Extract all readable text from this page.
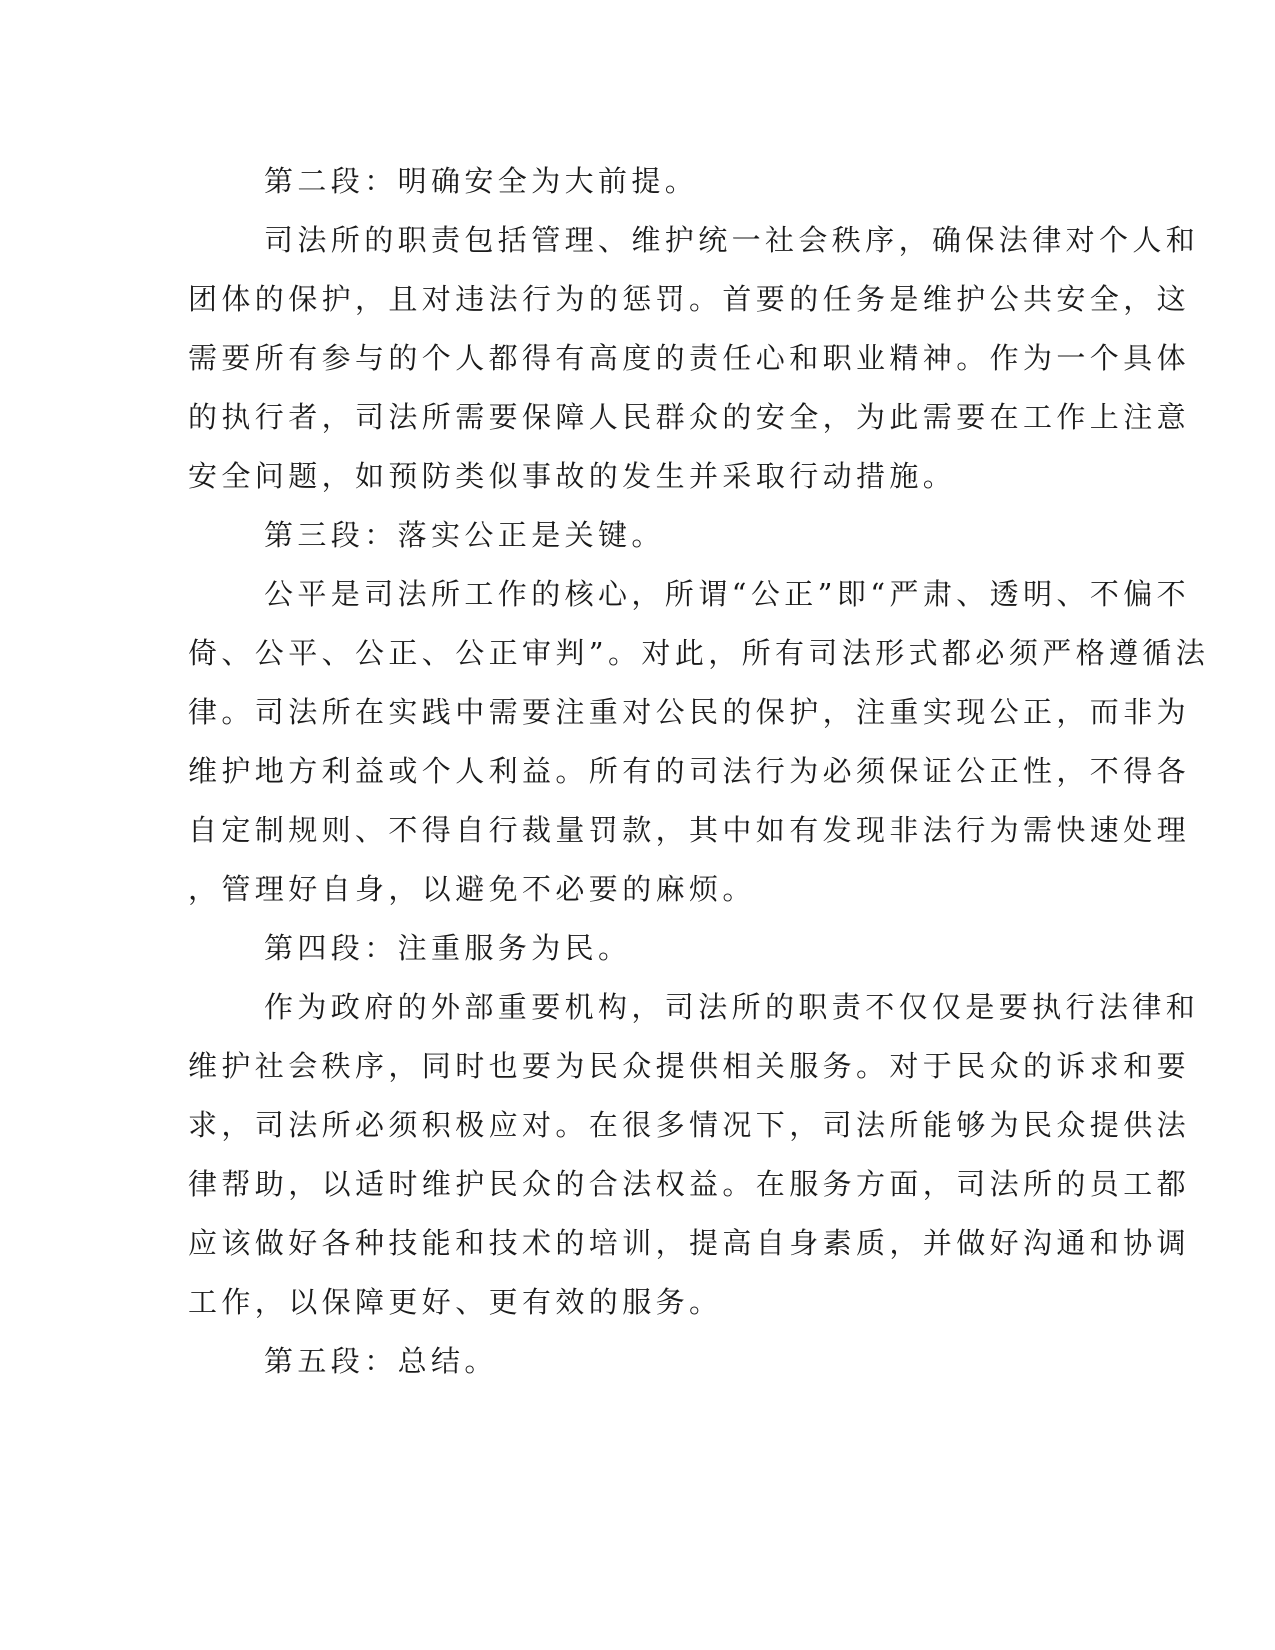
第二段：明确安全为大前提。
司法所的职责包括管理、维护统一社会秩序，确保法律对个人和
团体的保护，且对违法行为的惩罚。首要的任务是维护公共安全，这
需要所有参与的个人都得有高度的责任心和职业精神。作为一个具体
的执行者，司法所需要保障人民群众的安全，为此需要在工作上注意
安全问题，如预防类似事故的发生并采取行动措施。
第三段：落实公正是关键。
公平是司法所工作的核心，所谓“公正”即“严肃、透明、不偏不
倚、公平、公正、公正审判”。对此，所有司法形式都必须严格遵循法
律。司法所在实践中需要注重对公民的保护，注重实现公正，而非为
维护地方利益或个人利益。所有的司法行为必须保证公正性，不得各
自定制规则、不得自行裁量罚款，其中如有发现非法行为需快速处理
，管理好自身，以避免不必要的麻烦。
第四段：注重服务为民。
作为政府的外部重要机构，司法所的职责不仅仅是要执行法律和
维护社会秩序，同时也要为民众提供相关服务。对于民众的诉求和要
求，司法所必须积极应对。在很多情况下，司法所能够为民众提供法
律帮助，以适时维护民众的合法权益。在服务方面，司法所的员工都
应该做好各种技能和技术的培训，提高自身素质，并做好沟通和协调
工作，以保障更好、更有效的服务。
第五段：总结。
